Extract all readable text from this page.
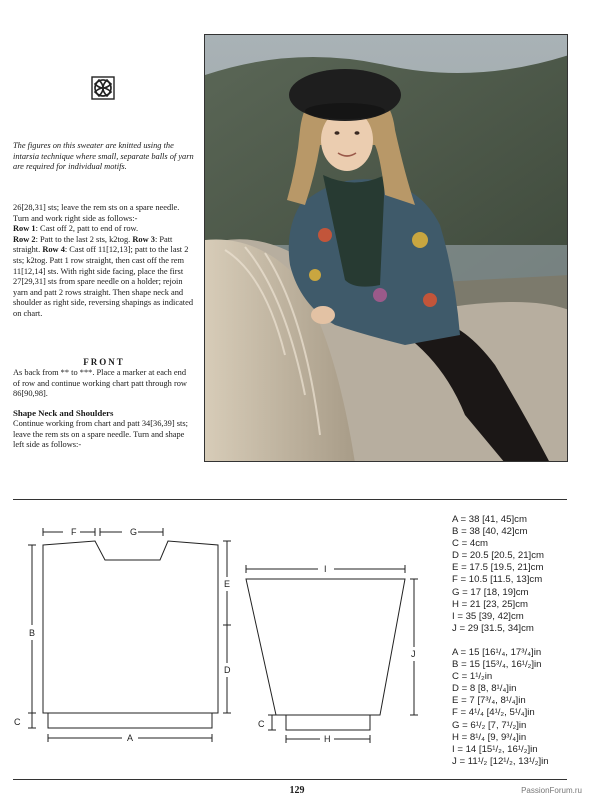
The figures on this sweater are knitted using the intarsia technique where small, separate balls of yarn are required for individual motifs.
26[28,31] sts; leave the rem sts on a spare needle. Turn and work right side as follows:-
Row 1: Cast off 2, patt to end of row.
Row 2: Patt to the last 2 sts, k2tog. Row 3: Patt straight. Row 4: Cast off 11[12,13]; patt to the last 2 sts; k2tog. Patt 1 row straight, then cast off the rem 11[12,14] sts. With right side facing, place the first 27[29,31] sts from spare needle on a holder; rejoin yarn and patt 2 rows straight. Then shape neck and shoulder as right side, reversing shapings as indicated on chart.
FRONT
As back from ** to ***. Place a marker at each end of row and continue working chart patt through row 86[90,98].
Shape Neck and Shoulders
Continue working from chart and patt 34[36,39] sts; leave the rem sts on a spare needle. Turn and shape left side as follows:-
F	G
B
C
A
E
D
I
J
C
H
A = 38 [41, 45]cm
B = 38 [40, 42]cm
C = 4cm
D = 20.5 [20.5, 21]cm
E = 17.5 [19.5, 21]cm
F = 10.5 [11.5, 13]cm
G = 17 [18, 19]cm
H = 21 [23, 25]cm
I = 35 [39, 42]cm
J = 29 [31.5, 34]cm
A = 15 [16¹/₄, 17³/₄]in
B = 15 [15³/₄, 16¹/₂]in
C = 1¹/₂in
D = 8 [8, 8¹/₄]in
E = 7 [7³/₄, 8¹/₄]in
F = 4¹/₄ [4¹/₂, 5¹/₄]in
G = 6¹/₂ [7, 7¹/₂]in
H = 8¹/₄ [9, 9³/₄]in
I = 14 [15¹/₂, 16¹/₂]in
J = 11¹/₂ [12¹/₂, 13¹/₂]in
129	PassionForum.ru
